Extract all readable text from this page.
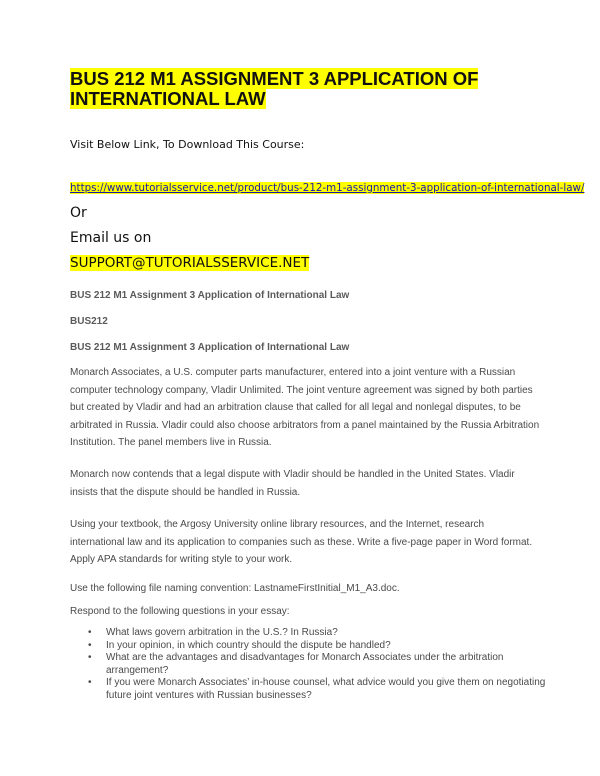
BUS 212 M1 ASSIGNMENT 3 APPLICATION OF INTERNATIONAL LAW
Visit Below Link, To Download This Course:
https://www.tutorialsservice.net/product/bus-212-m1-assignment-3-application-of-international-law/
Or
Email us on
SUPPORT@TUTORIALSSERVICE.NET
BUS 212 M1 Assignment 3 Application of International Law
BUS212
BUS 212 M1 Assignment 3 Application of International Law

Monarch Associates, a U.S. computer parts manufacturer, entered into a joint venture with a Russian computer technology company, Vladir Unlimited. The joint venture agreement was signed by both parties but created by Vladir and had an arbitration clause that called for all legal and nonlegal disputes, to be arbitrated in Russia. Vladir could also choose arbitrators from a panel maintained by the Russia Arbitration Institution. The panel members live in Russia.

Monarch now contends that a legal dispute with Vladir should be handled in the United States. Vladir insists that the dispute should be handled in Russia.

Using your textbook, the Argosy University online library resources, and the Internet, research international law and its application to companies such as these. Write a five-page paper in Word format. Apply APA standards for writing style to your work.

Use the following file naming convention: LastnameFirstInitial_M1_A3.doc.

Respond to the following questions in your essay:

• What laws govern arbitration in the U.S.? In Russia?
• In your opinion, in which country should the dispute be handled?
• What are the advantages and disadvantages for Monarch Associates under the arbitration arrangement?
• If you were Monarch Associates’ in-house counsel, what advice would you give them on negotiating future joint ventures with Russian businesses?
